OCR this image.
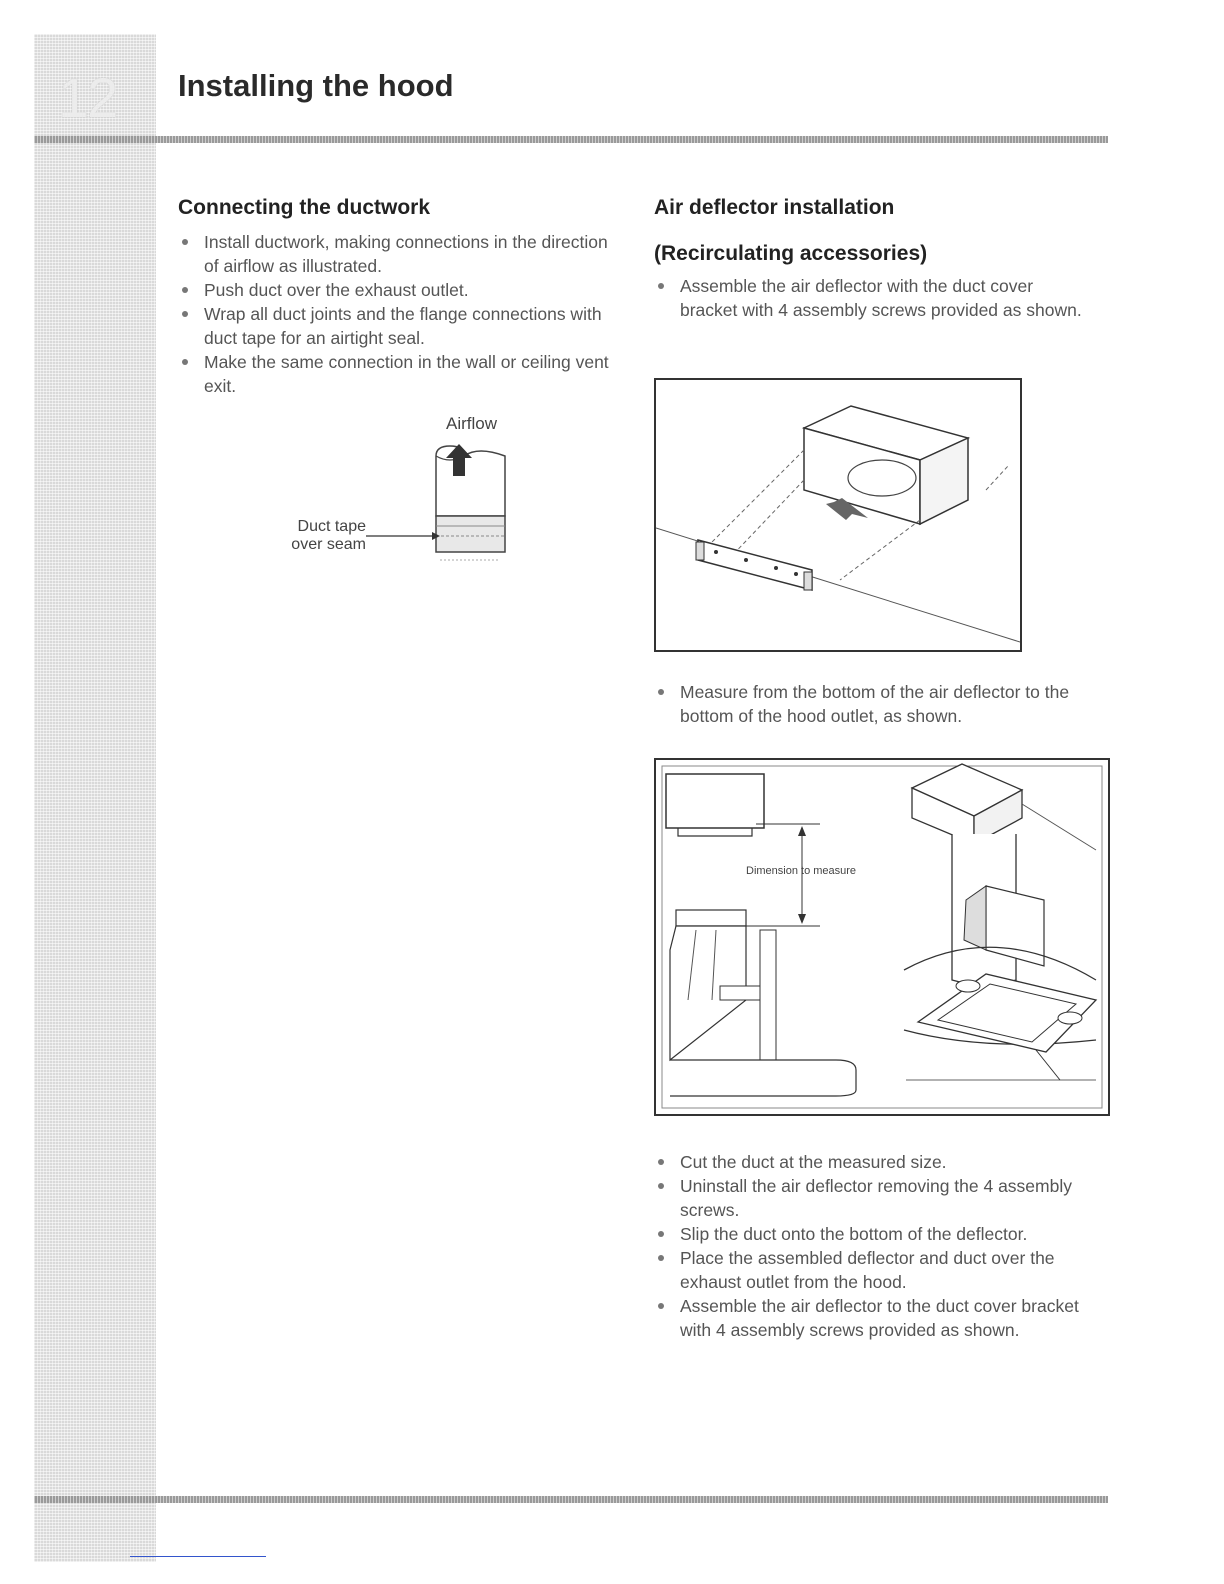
12 Installing the hood
Connecting the ductwork
Install ductwork, making connections in the direction of airflow as illustrated.
Push duct over the exhaust outlet.
Wrap all duct joints and the flange connections with duct tape for an airtight seal.
Make the same connection in the wall or ceiling vent exit.
Airflow
Duct tape
over seam
Air deflector installation
(Recirculating accessories)
Assemble the air deflector with the duct cover bracket with 4 assembly screws provided as shown.
Measure from the bottom of the air deflector to the bottom of the hood outlet, as shown.
Dimension to measure
Cut the duct at the measured size.
Uninstall the air deflector removing the 4 assembly screws.
Slip the duct onto the bottom of the deflector.
Place the assembled deflector and duct over the exhaust outlet from the hood.
Assemble the air deflector to the duct cover bracket with 4 assembly screws provided as shown.
